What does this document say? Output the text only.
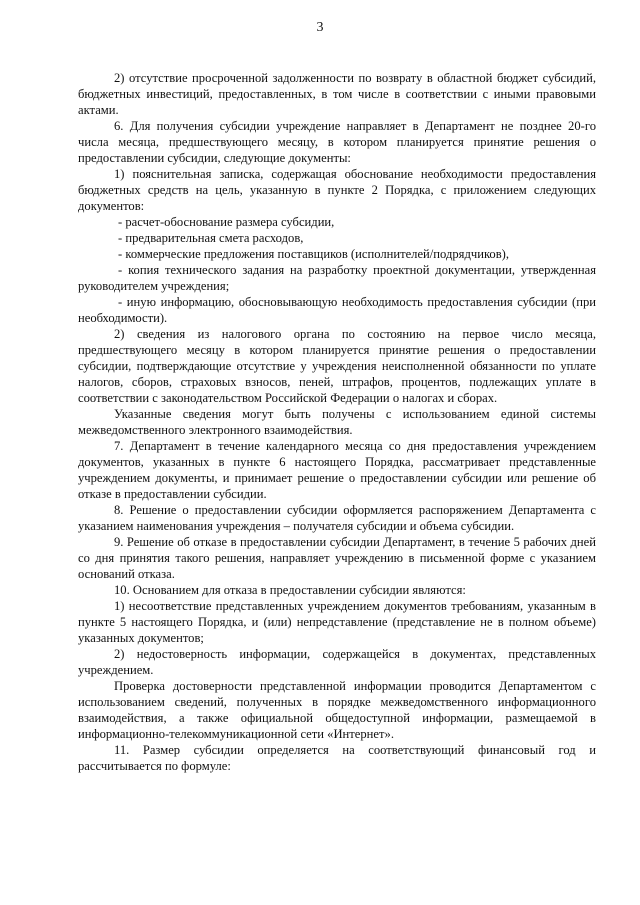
3

2) отсутствие просроченной задолженности по возврату в областной бюджет субсидий, бюджетных инвестиций, предоставленных, в том числе в соответствии с иными правовыми актами.

6. Для получения субсидии учреждение направляет в Департамент не позднее 20-го числа месяца, предшествующего месяцу, в котором планируется принятие решения о предоставлении субсидии, следующие документы:

1) пояснительная записка, содержащая обоснование необходимости предоставления бюджетных средств на цель, указанную в пункте 2 Порядка, с приложением следующих документов:

- расчет-обоснование размера субсидии,

- предварительная смета расходов,

- коммерческие предложения поставщиков (исполнителей/подрядчиков),

- копия технического задания на разработку проектной документации, утвержденная руководителем учреждения;

- иную информацию, обосновывающую необходимость предоставления субсидии (при необходимости).

2) сведения из налогового органа по состоянию на первое число месяца, предшествующего месяцу в котором планируется принятие решения о предоставлении субсидии, подтверждающие отсутствие у учреждения неисполненной обязанности по уплате налогов, сборов, страховых взносов, пеней, штрафов, процентов, подлежащих уплате в соответствии с законодательством Российской Федерации о налогах и сборах.

Указанные сведения могут быть получены с использованием единой системы межведомственного электронного взаимодействия.

7. Департамент в течение календарного месяца со дня предоставления учреждением документов, указанных в пункте 6 настоящего Порядка, рассматривает представленные учреждением документы, и принимает решение о предоставлении субсидии или решение об отказе в предоставлении субсидии.

8. Решение о предоставлении субсидии оформляется распоряжением Департамента с указанием наименования учреждения – получателя субсидии и объема субсидии.

9. Решение об отказе в предоставлении субсидии Департамент, в течение 5 рабочих дней со дня принятия такого решения, направляет учреждению в письменной форме с указанием оснований отказа.

10. Основанием для отказа в предоставлении субсидии являются:

1) несоответствие представленных учреждением документов требованиям, указанным в пункте 5 настоящего Порядка, и (или) непредставление (представление не в полном объеме) указанных документов;

2) недостоверность информации, содержащейся в документах, представленных учреждением.

Проверка достоверности представленной информации проводится Департаментом с использованием сведений, полученных в порядке межведомственного информационного взаимодействия, а также официальной общедоступной информации, размещаемой в информационно-телекоммуникационной сети «Интернет».

11. Размер субсидии определяется на соответствующий финансовый год и рассчитывается по формуле:
